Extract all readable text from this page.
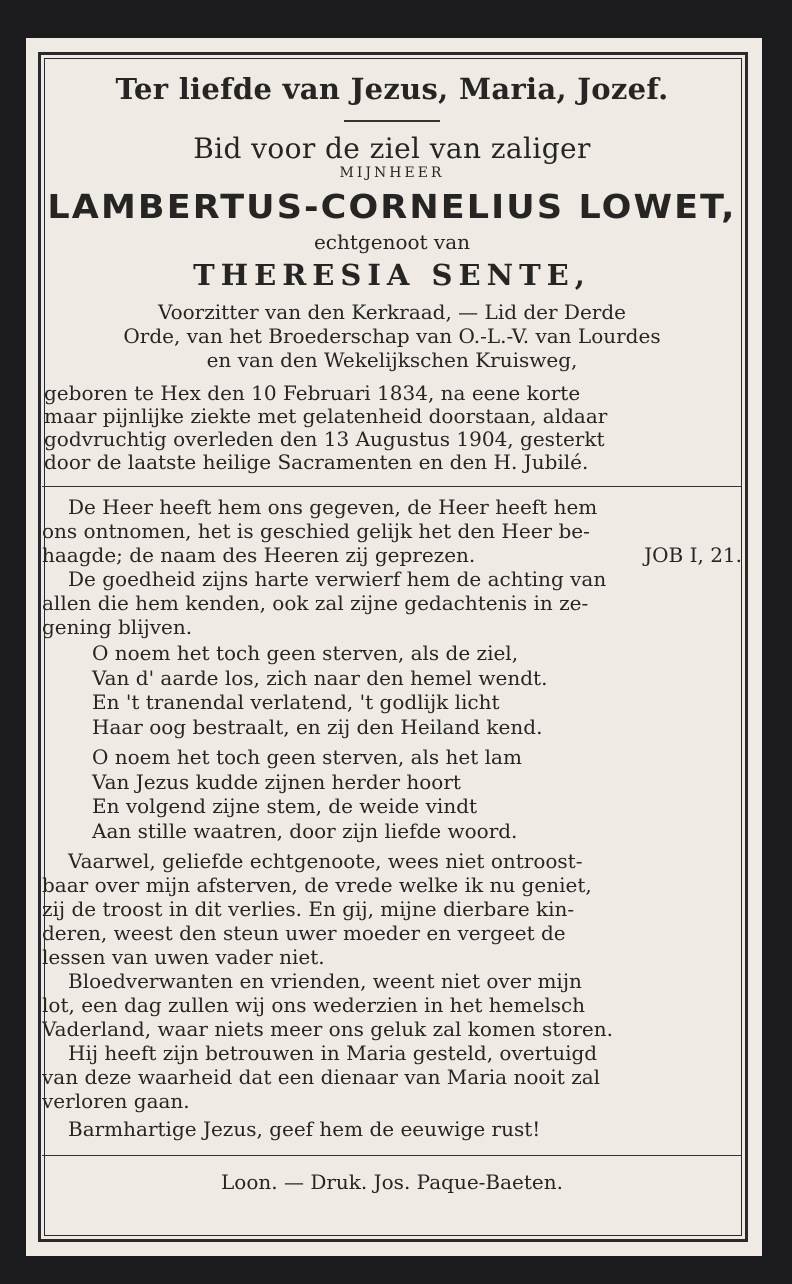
Ter liefde van Jezus, Maria, Jozef.
Bid voor de ziel van zaliger
MIJNHEER
LAMBERTUS-CORNELIUS LOWET,
echtgenoot van
THERESIA SENTE,
Voorzitter van den Kerkraad, — Lid der Derde
Orde, van het Broederschap van O.-L.-V. van Lourdes
en van den Wekelijkschen Kruisweg,
geboren te Hex den 10 Februari 1834, na eene korte
maar pijnlijke ziekte met gelatenheid doorstaan, aldaar
godvruchtig overleden den 13 Augustus 1904, gesterkt
door de laatste heilige Sacramenten en den H. Jubilé.
De Heer heeft hem ons gegeven, de Heer heeft hem
ons ontnomen, het is geschied gelijk het den Heer be-
haagde; de naam des Heeren zij geprezen.	JOB I, 21.
De goedheid zijns harte verwierf hem de achting van
allen die hem kenden, ook zal zijne gedachtenis in ze-
gening blijven.
O noem het toch geen sterven, als de ziel,
Van d' aarde los, zich naar den hemel wendt.
En 't tranendal verlatend, 't godlijk licht
Haar oog bestraalt, en zij den Heiland kend.
O noem het toch geen sterven, als het lam
Van Jezus kudde zijnen herder hoort
En volgend zijne stem, de weide vindt
Aan stille waatren, door zijn liefde woord.
Vaarwel, geliefde echtgenoote, wees niet ontroost-
baar over mijn afsterven, de vrede welke ik nu geniet,
zij de troost in dit verlies. En gij, mijne dierbare kin-
deren, weest den steun uwer moeder en vergeet de
lessen van uwen vader niet.
Bloedverwanten en vrienden, weent niet over mijn
lot, een dag zullen wij ons wederzien in het hemelsch
Vaderland, waar niets meer ons geluk zal komen storen.
Hij heeft zijn betrouwen in Maria gesteld, overtuigd
van deze waarheid dat een dienaar van Maria nooit zal
verloren gaan.
Barmhartige Jezus, geef hem de eeuwige rust!
Loon. — Druk. Jos. Paque-Baeten.
